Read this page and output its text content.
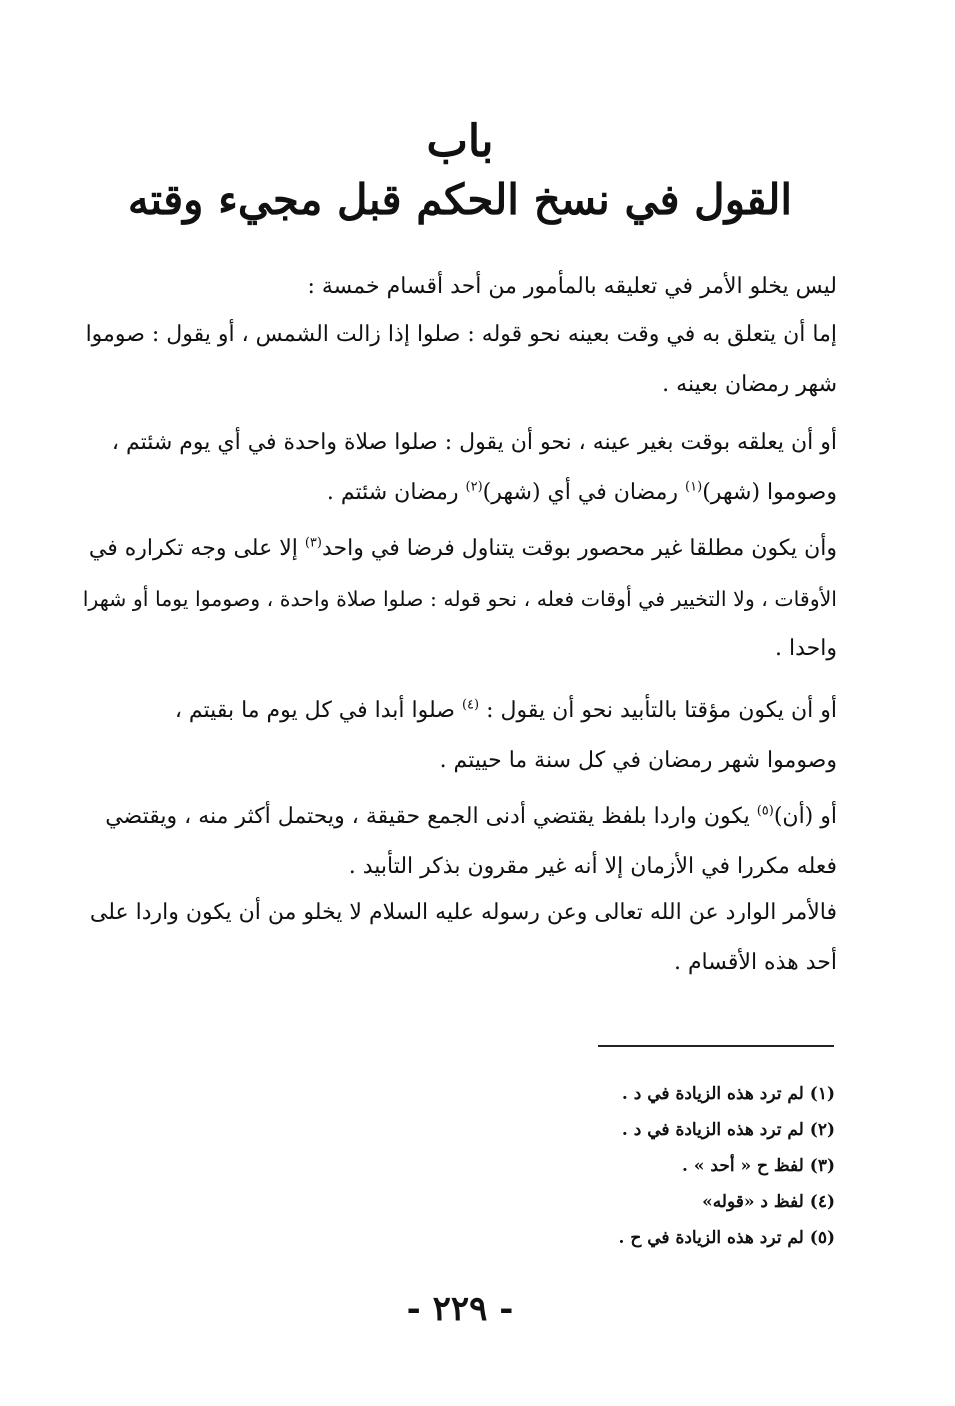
باب
القول في نسخ الحكم قبل مجيء وقته
ليس يخلو الأمر في تعليقه بالمأمور من أحد أقسام خمسة :
إما أن يتعلق به في وقت بعينه نحو قوله : صلوا إذا زالت الشمس ، أو يقول : صوموا
شهر رمضان بعينه .
أو أن يعلقه بوقت بغير عينه ، نحو أن يقول : صلوا صلاة واحدة في أي يوم شئتم ،
وصوموا (شهر)$^{(١)}$ رمضان في أي (شهر)$^{(٢)}$ رمضان شئتم .
وأن يكون مطلقا غير محصور بوقت يتناول فرضا في واحد$^{(٣)}$ إلا على وجه تكراره في
الأوقات ، ولا التخيير في أوقات فعله ، نحو قوله : صلوا صلاة واحدة ، وصوموا يوما أو شهرا
واحدا .
أو أن يكون مؤقتا بالتأبيد نحو أن يقول : $^{(٤)}$ صلوا أبدا في كل يوم ما بقيتم ،
وصوموا شهر رمضان في كل سنة ما حييتم .
أو (أن)$^{(٥)}$ يكون واردا بلفظ يقتضي أدنى الجمع حقيقة ، ويحتمل أكثر منه ، ويقتضي
فعله مكررا في الأزمان إلا أنه غير مقرون بذكر التأبيد .
فالأمر الوارد عن الله تعالى وعن رسوله عليه السلام لا يخلو من أن يكون واردا على
أحد هذه الأقسام .
(١) لم ترد هذه الزيادة في د .
(٢) لم ترد هذه الزيادة في د .
(٣) لفظ ح « أحد » .
(٤) لفظ د «قوله»
(٥) لم ترد هذه الزيادة في ح .
- ٢٢٩ -
